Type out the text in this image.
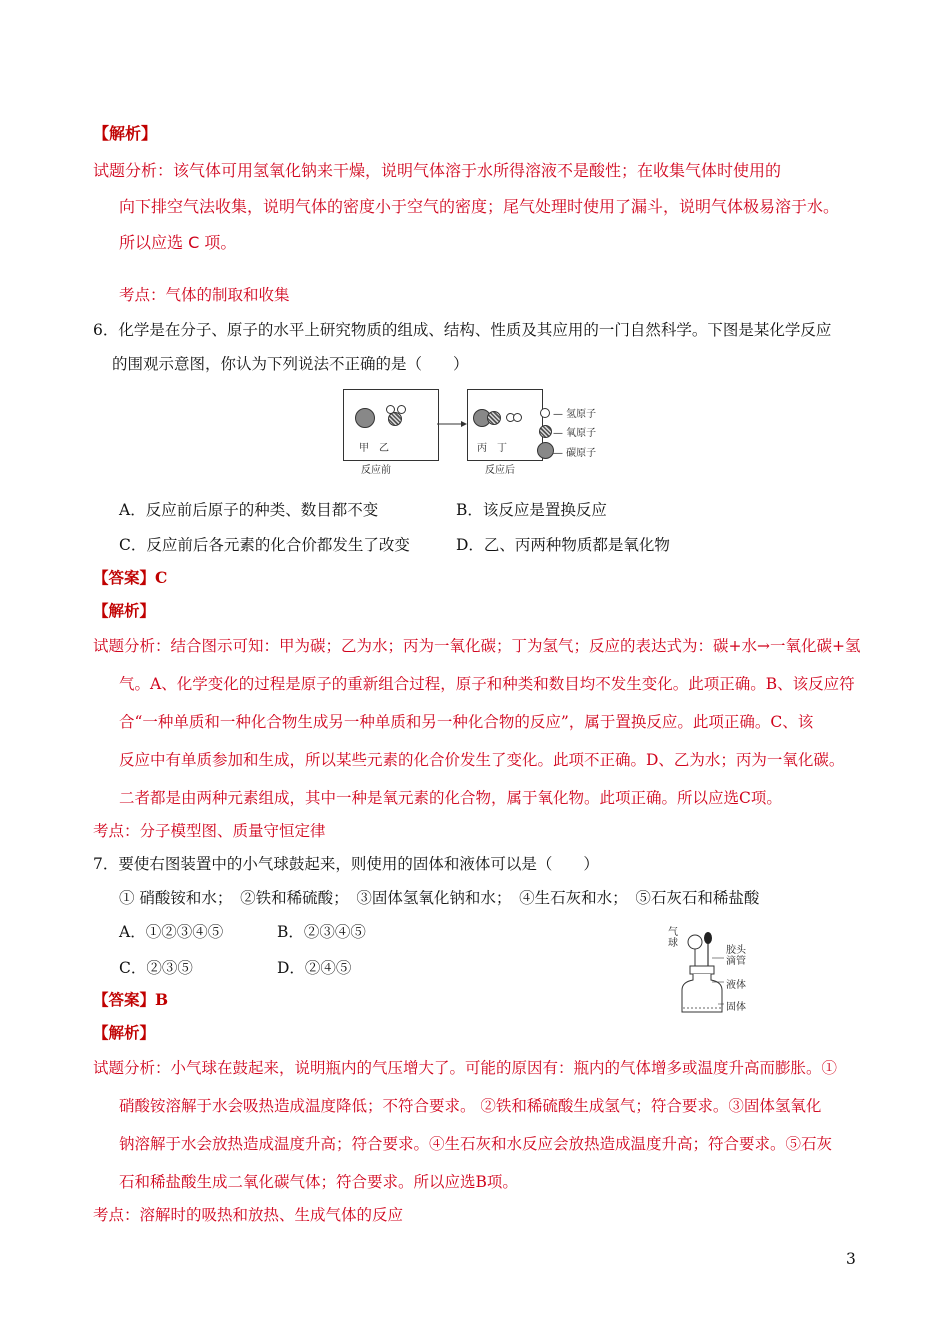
【解析】
试题分析：该气体可用氢氧化钠来干燥，说明气体溶于水所得溶液不是酸性；在收集气体时使用的
向下排空气法收集，说明气体的密度小于空气的密度；尾气处理时使用了漏斗，说明气体极易溶于水。
所以应选 C 项。
考点：气体的制取和收集
6．化学是在分子、原子的水平上研究物质的组成、结构、性质及其应用的一门自然科学。下图是某化学反应
的围观示意图，你认为下列说法不正确的是（　　）
甲　乙
反应前
丙　丁
反应后
— 氢原子
— 氧原子
— 碳原子
A．反应前后原子的种类、数目都不变	B．该反应是置换反应
C．反应前后各元素的化合价都发生了改变	D．乙、丙两种物质都是氧化物
【答案】C
【解析】
试题分析：结合图示可知：甲为碳；乙为水；丙为一氧化碳；丁为氢气；反应的表达式为：碳+水→一氧化碳+氢
气。A、化学变化的过程是原子的重新组合过程，原子和种类和数目均不发生变化。此项正确。B、该反应符
合“一种单质和一种化合物生成另一种单质和另一种化合物的反应”，属于置换反应。此项正确。C、该
反应中有单质参加和生成，所以某些元素的化合价发生了变化。此项不正确。D、乙为水；丙为一氧化碳。
二者都是由两种元素组成，其中一种是氧元素的化合物，属于氧化物。此项正确。所以应选C项。
考点：分子模型图、质量守恒定律
7．要使右图装置中的小气球鼓起来，则使用的固体和液体可以是（　　）
① 硝酸铵和水；　②铁和稀硫酸；　③固体氢氧化钠和水；　④生石灰和水；　⑤石灰石和稀盐酸
A．①②③④⑤	B．②③④⑤
C．②③⑤	D．②④⑤
气球
胶头
滴管
液体
固体
【答案】B
【解析】
试题分析：小气球在鼓起来，说明瓶内的气压增大了。可能的原因有：瓶内的气体增多或温度升高而膨胀。①
硝酸铵溶解于水会吸热造成温度降低；不符合要求。 ②铁和稀硫酸生成氢气；符合要求。③固体氢氧化
钠溶解于水会放热造成温度升高；符合要求。④生石灰和水反应会放热造成温度升高；符合要求。⑤石灰
石和稀盐酸生成二氧化碳气体；符合要求。所以应选B项。
考点：溶解时的吸热和放热、生成气体的反应
3
